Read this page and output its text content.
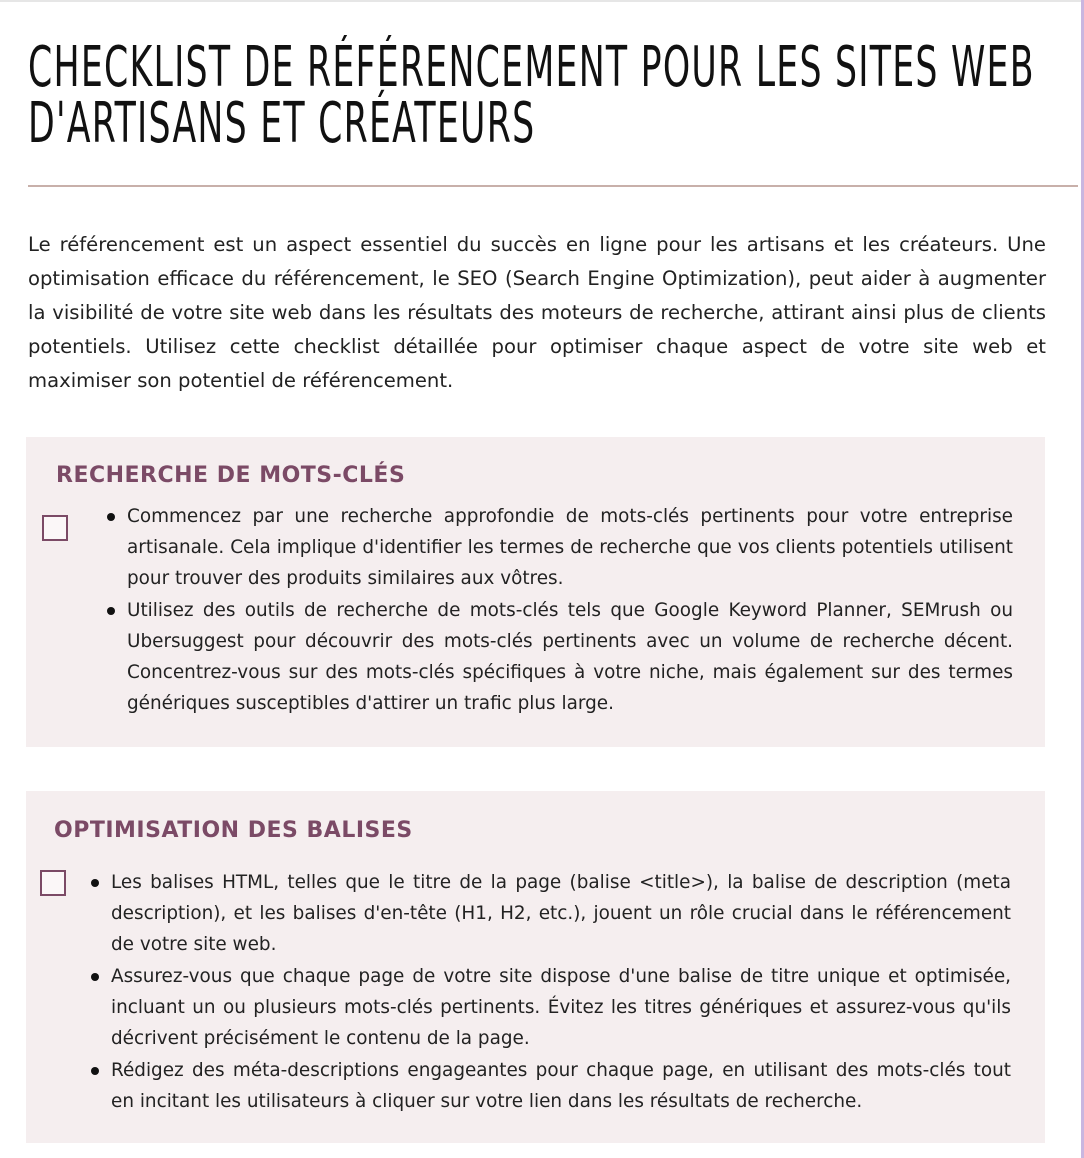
CHECKLIST DE RÉFÉRENCEMENT POUR LES SITES WEB D'ARTISANS ET CRÉATEURS

Le référencement est un aspect essentiel du succès en ligne pour les artisans et les créateurs. Une optimisation efficace du référencement, le SEO (Search Engine Optimization), peut aider à augmenter la visibilité de votre site web dans les résultats des moteurs de recherche, attirant ainsi plus de clients potentiels. Utilisez cette checklist détaillée pour optimiser chaque aspect de votre site web et maximiser son potentiel de référencement.

RECHERCHE DE MOTS-CLÉS
Commencez par une recherche approfondie de mots-clés pertinents pour votre entreprise artisanale. Cela implique d'identifier les termes de recherche que vos clients potentiels utilisent pour trouver des produits similaires aux vôtres.
Utilisez des outils de recherche de mots-clés tels que Google Keyword Planner, SEMrush ou Ubersuggest pour découvrir des mots-clés pertinents avec un volume de recherche décent. Concentrez-vous sur des mots-clés spécifiques à votre niche, mais également sur des termes génériques susceptibles d'attirer un trafic plus large.
OPTIMISATION DES BALISES
Les balises HTML, telles que le titre de la page (balise <title>), la balise de description (meta description), et les balises d'en-tête (H1, H2, etc.), jouent un rôle crucial dans le référencement de votre site web.
Assurez-vous que chaque page de votre site dispose d'une balise de titre unique et optimisée, incluant un ou plusieurs mots-clés pertinents. Évitez les titres génériques et assurez-vous qu'ils décrivent précisément le contenu de la page.
Rédigez des méta-descriptions engageantes pour chaque page, en utilisant des mots-clés tout en incitant les utilisateurs à cliquer sur votre lien dans les résultats de recherche.
